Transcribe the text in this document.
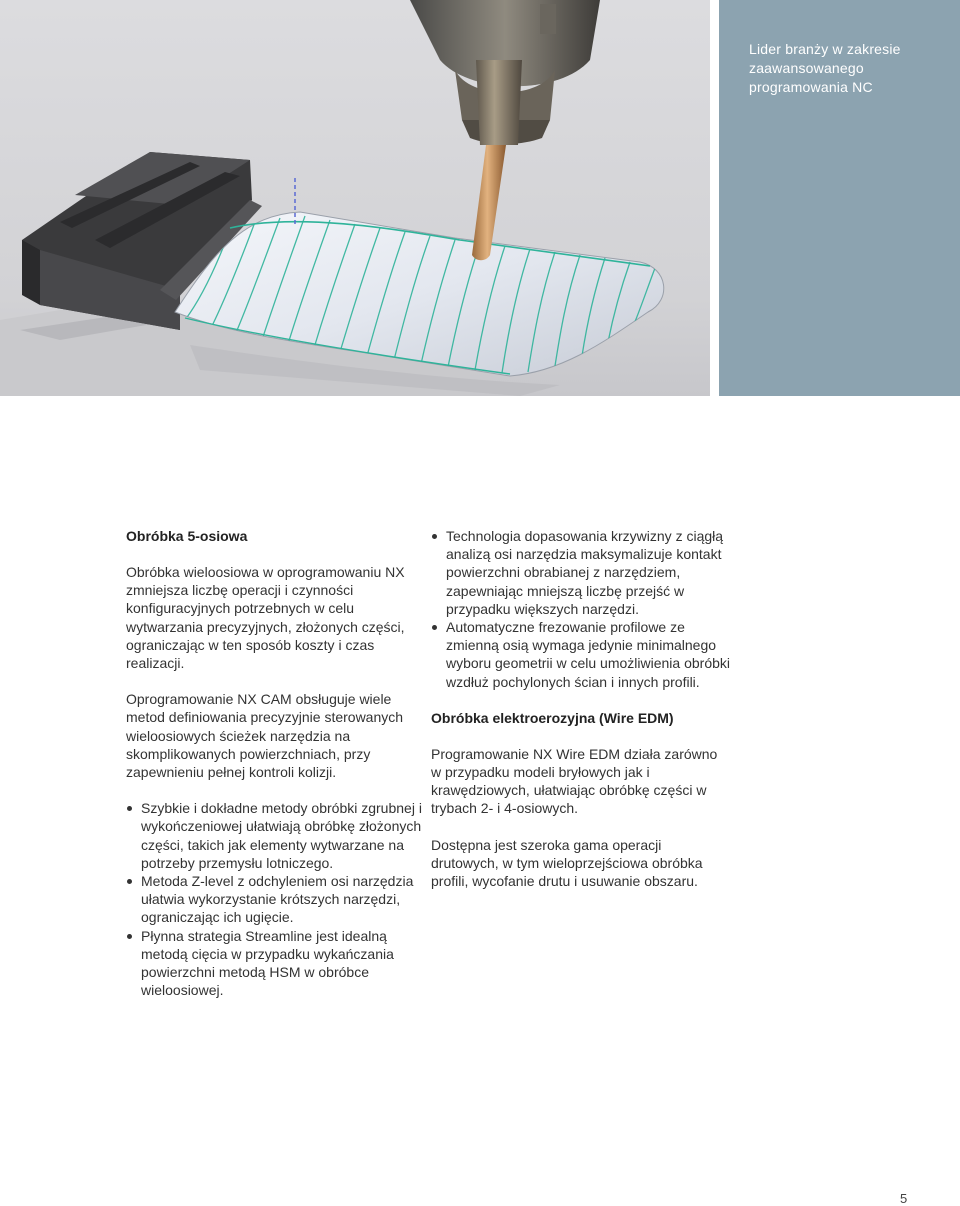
Lider branży w zakresie zaawansowanego programowania NC
Obróbka 5-osiowa

Obróbka wieloosiowa w oprogramowaniu NX zmniejsza liczbę operacji i czynności konfiguracyjnych potrzebnych w celu wytwarzania precyzyjnych, złożonych części, ograniczając w ten sposób koszty i czas realizacji.

Oprogramowanie NX CAM obsługuje wiele metod definiowania precyzyjnie sterowanych wieloosiowych ścieżek narzędzia na skomplikowanych powierzchniach, przy zapewnieniu pełnej kontroli kolizji.

Szybkie i dokładne metody obróbki zgrubnej i wykończeniowej ułatwiają obróbkę złożonych części, takich jak elementy wytwarzane na potrzeby przemysłu lotniczego.
Metoda Z-level z odchyleniem osi narzędzia ułatwia wykorzystanie krótszych narzędzi, ograniczając ich ugięcie.
Płynna strategia Streamline jest idealną metodą cięcia w przypadku wykańczania powierzchni metodą HSM w obróbce wieloosiowej.
Technologia dopasowania krzywizny z ciągłą analizą osi narzędzia maksymalizuje kontakt powierzchni obrabianej z narzędziem, zapewniając mniejszą liczbę przejść w przypadku większych narzędzi.
Automatyczne frezowanie profilowe ze zmienną osią wymaga jedynie minimalnego wyboru geometrii w celu umożliwienia obróbki wzdłuż pochylonych ścian i innych profili.
Obróbka elektroerozyjna (Wire EDM)

Programowanie NX Wire EDM działa zarówno w przypadku modeli bryłowych jak i krawędziowych, ułatwiając obróbkę części w trybach 2- i 4-osiowych.

Dostępna jest szeroka gama operacji drutowych, w tym wieloprzejściowa obróbka profili, wycofanie drutu i usuwanie obszaru.

5
